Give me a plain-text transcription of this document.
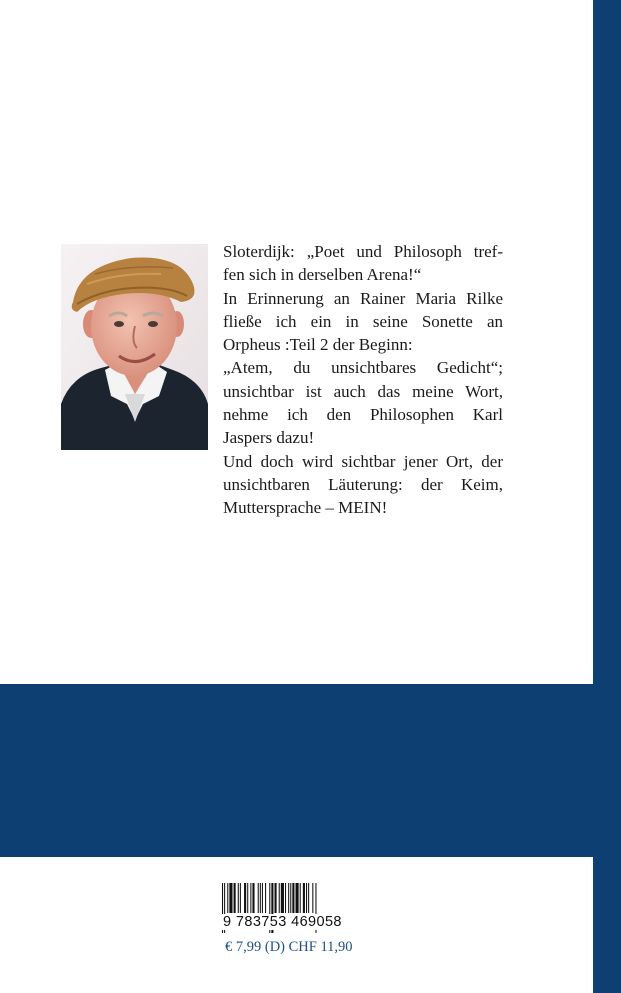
Sloterdijk: „Poet und Philosoph tref-
fen sich in derselben Arena!“
In Erinnerung an Rainer Maria Rilke
fließe ich ein in seine Sonette an
Orpheus :Teil 2 der Beginn:
„Atem, du unsichtbares Gedicht“;
unsichtbar ist auch das meine Wort,
nehme ich den Philosophen Karl
Jaspers dazu!
Und doch wird sichtbar jener Ort, der
unsichtbaren Läuterung: der Keim,
Muttersprache – MEIN!
9 783753 469058
€ 7,99 (D) CHF 11,90
